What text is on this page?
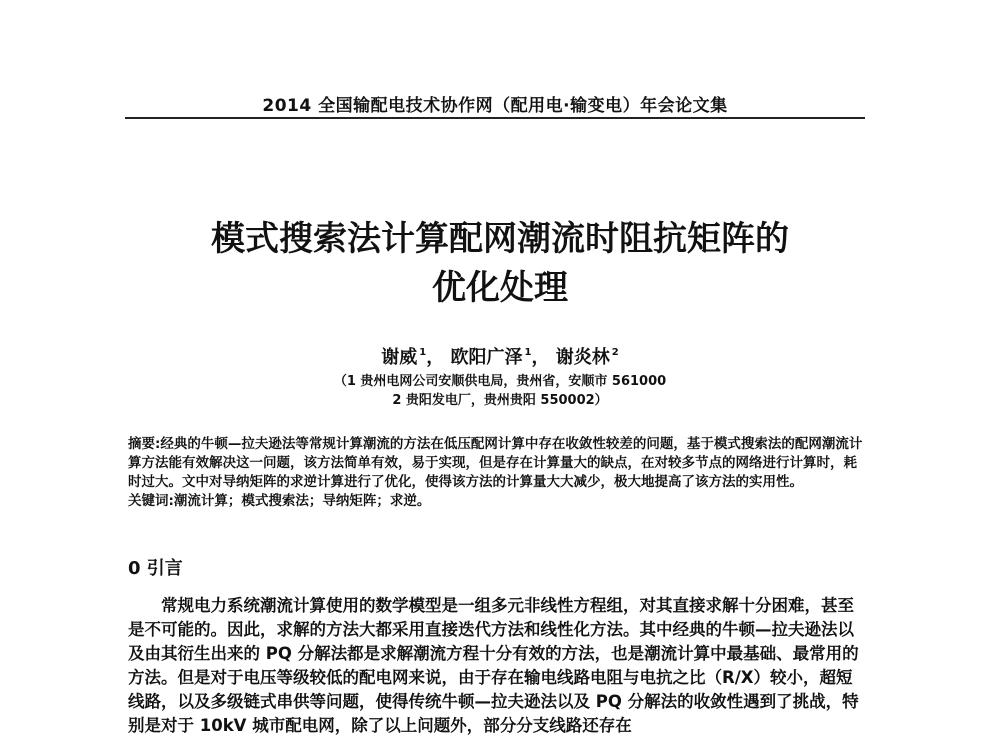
2014 全国输配电技术协作网（配用电·输变电）年会论文集
模式搜索法计算配网潮流时阻抗矩阵的
优化处理
谢威 $^1$， 欧阳广泽 $^1$， 谢炎林 $^2$
（1 贵州电网公司安顺供电局，贵州省，安顺市 561000
2 贵阳发电厂，贵州贵阳 550002）

摘要:经典的牛顿—拉夫逊法等常规计算潮流的方法在低压配网计算中存在收敛性较差的问题，基于模式搜索法的配网潮流计算方法能有效解决这一问题，该方法简单有效，易于实现，但是存在计算量大的缺点，在对较多节点的网络进行计算时，耗时过大。文中对导纳矩阵的求逆计算进行了优化，使得该方法的计算量大大减少，极大地提高了该方法的实用性。

关键词:潮流计算；模式搜索法；导纳矩阵；求逆。

0 引言

常规电力系统潮流计算使用的数学模型是一组多元非线性方程组，对其直接求解十分困难，甚至是不可能的。因此，求解的方法大都采用直接迭代方法和线性化方法。其中经典的牛顿—拉夫逊法以及由其衍生出来的 PQ 分解法都是求解潮流方程十分有效的方法，也是潮流计算中最基础、最常用的方法。但是对于电压等级较低的配电网来说，由于存在输电线路电阻与电抗之比（R/X）较小，超短线路，以及多级链式串供等问题，使得传统牛顿—拉夫逊法以及 PQ 分解法的收敛性遇到了挑战，特别是对于 10kV 城市配电网，除了以上问题外，部分分支线路还存在
